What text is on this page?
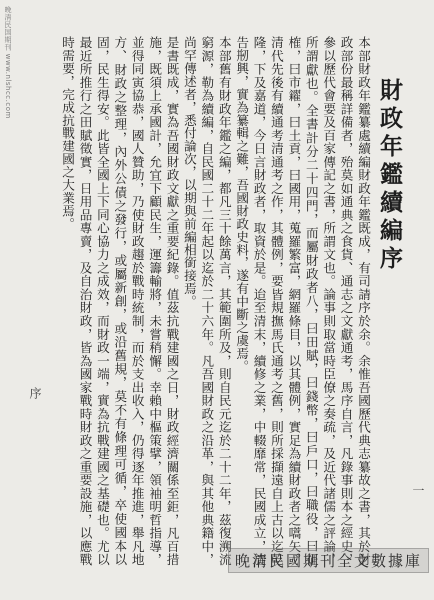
晚清民国期刊 www.nlshcc.com
財政年鑑續編序

本部財政年鑑纂處續編財政年鑑既成，有司請序於余。余惟吾國歷代典志纂故之書，其於財政部份最稱詳備者，殆莫如通典之食貨、通志之文獻通考，馬序自言，凡錄事則本之經史，參以歷代會要及百家傳記之書，所謂文也。論事則取當時臣僚之奏疏，及近代諸儒之評論，所謂獻也。全書計分二十四門，而屬財政者八，曰田賦，曰錢幣，曰戶口，曰職役，曰征榷，曰市糴，曰土貢，曰國用，蒐羅繁富，網羅條目，以其體例，實足為續財政者之嚆矢。清代先後有續通考清通考之作，其體例，要皆規撫馬氏通考之舊，則所採擷遠自上古以迄乾隆，下及嘉道，今日言財政者，取資於是。迨至清末，續修之業，中輟靡常，民國成立，旋告剏興，實為纂輯之難，吾國財政史料，遂有中斷之虞焉。

本部舊有財政年鑑之編，都凡三十餘萬言，其範圍所及，則自民元迄於二十二年，茲復溯流窮源，勒為續編，自民國二十二年起以迄於二十六年。凡吾國財政之沿革，與其他典籍中，尚罕傳述者，悉付論次，以期與前編相銜接焉。

是書既成，實為吾國財政文獻之重要紀錄。值茲抗戰建國之日，財政經濟關係至鉅，凡百措施，既須上承國計，允宜下顧民生，運籌輸將，未嘗稍懈。幸賴中樞策擘，領袖明哲指導，並得同寅協恭，國人贊助，乃使財政趨於戰時統制，而於支出收入，仍得逐年推進，舉凡地方、財政之整理，內外公債之發行，或屬新創，或沿舊規，莫不有條理可循，卒使國本以固，民生得安。此皆全國上下同心協力之成效，而財政一端，實為抗戰建國之基礎也。尤以最近所推行之田賦徵實，日用品專賣，及自治財政，皆為國家戰時財政之重要設施，以應戰時需要，完成抗戰建國之大業焉。

序
一
晚清民國期刊全文數據庫
